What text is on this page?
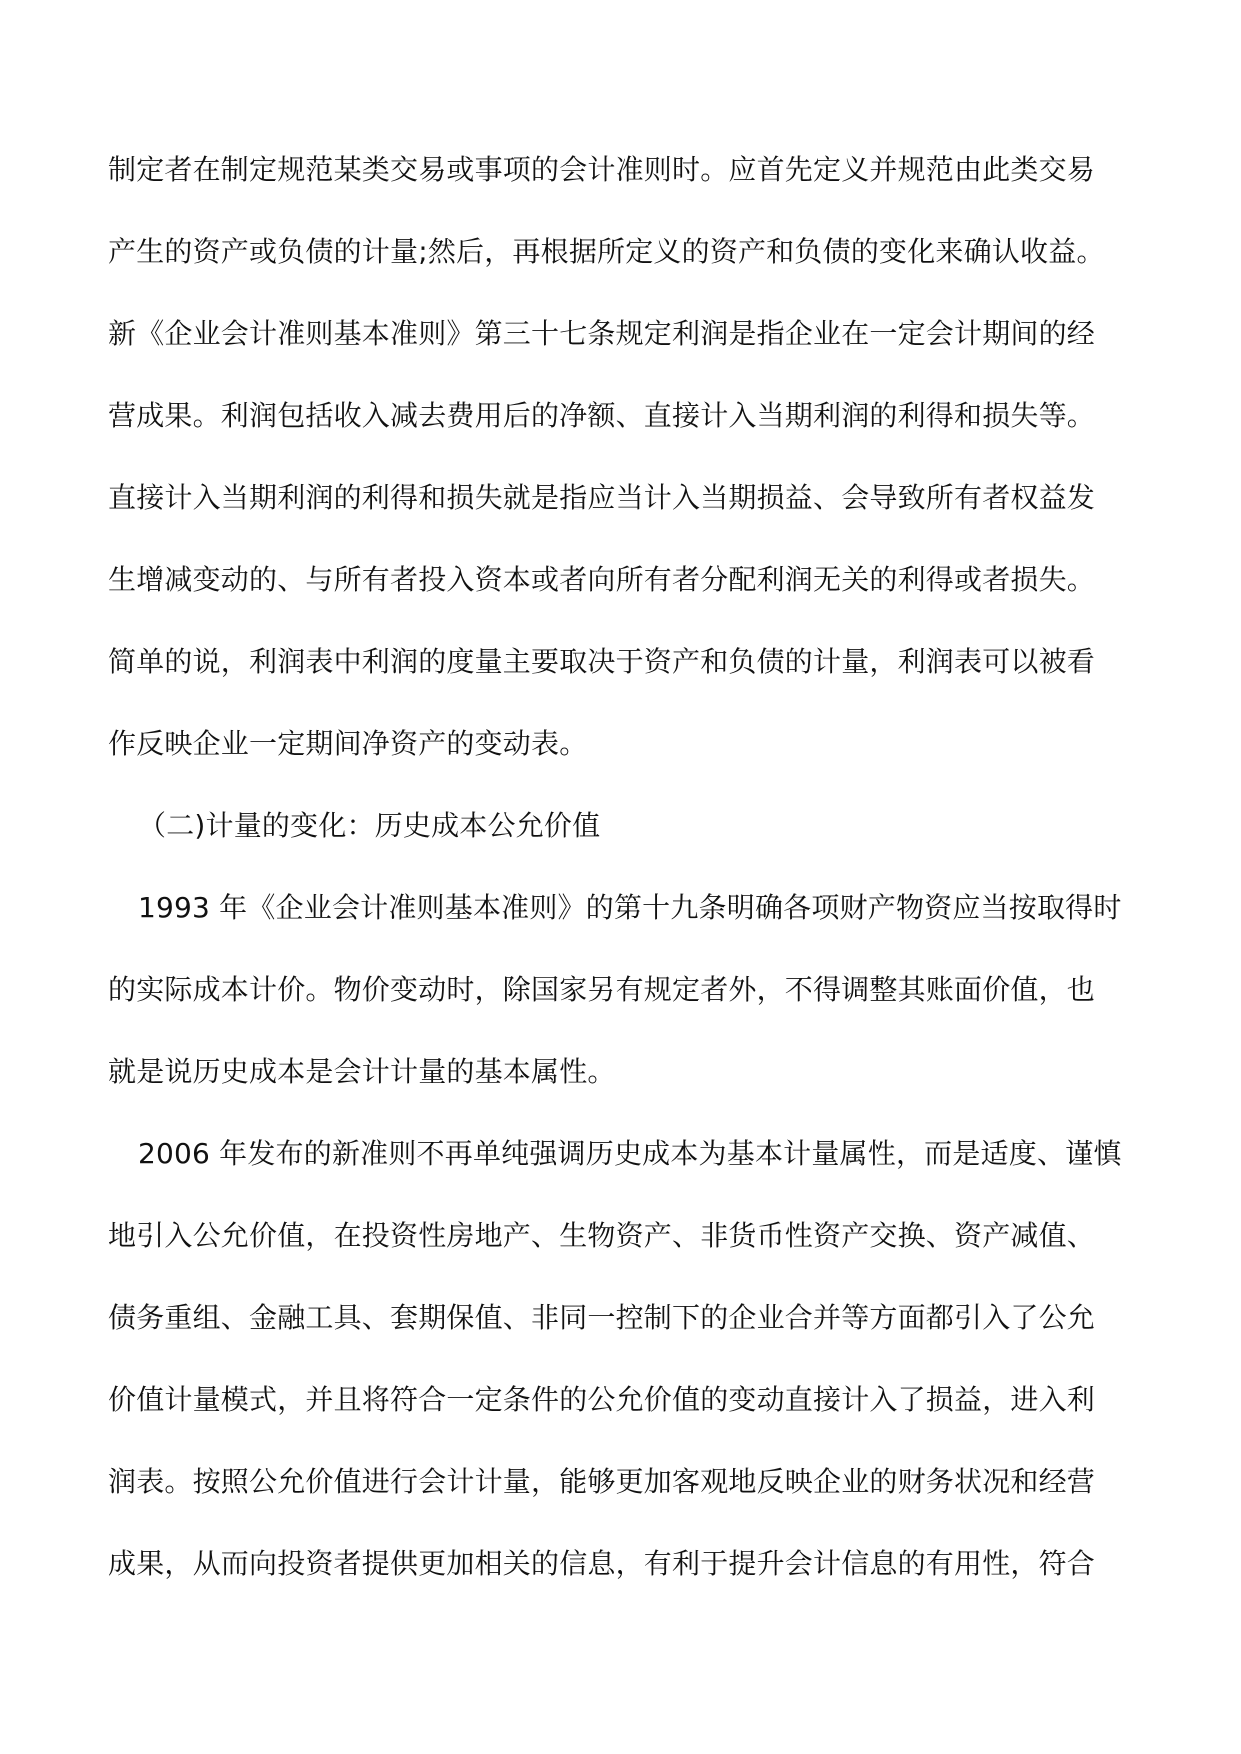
制定者在制定规范某类交易或事项的会计准则时。应首先定义并规范由此类交易
产生的资产或负债的计量;然后，再根据所定义的资产和负债的变化来确认收益。
新《企业会计准则基本准则》第三十七条规定利润是指企业在一定会计期间的经
营成果。利润包括收入减去费用后的净额、直接计入当期利润的利得和损失等。
直接计入当期利润的利得和损失就是指应当计入当期损益、会导致所有者权益发
生增减变动的、与所有者投入资本或者向所有者分配利润无关的利得或者损失。
简单的说，利润表中利润的度量主要取决于资产和负债的计量，利润表可以被看
作反映企业一定期间净资产的变动表。
（二)计量的变化：历史成本公允价值
1993 年《企业会计准则基本准则》的第十九条明确各项财产物资应当按取得时
的实际成本计价。物价变动时，除国家另有规定者外，不得调整其账面价值，也
就是说历史成本是会计计量的基本属性。
2006 年发布的新准则不再单纯强调历史成本为基本计量属性，而是适度、谨慎
地引入公允价值，在投资性房地产、生物资产、非货币性资产交换、资产减值、
债务重组、金融工具、套期保值、非同一控制下的企业合并等方面都引入了公允
价值计量模式，并且将符合一定条件的公允价值的变动直接计入了损益，进入利
润表。按照公允价值进行会计计量，能够更加客观地反映企业的财务状况和经营
成果，从而向投资者提供更加相关的信息，有利于提升会计信息的有用性，符合
